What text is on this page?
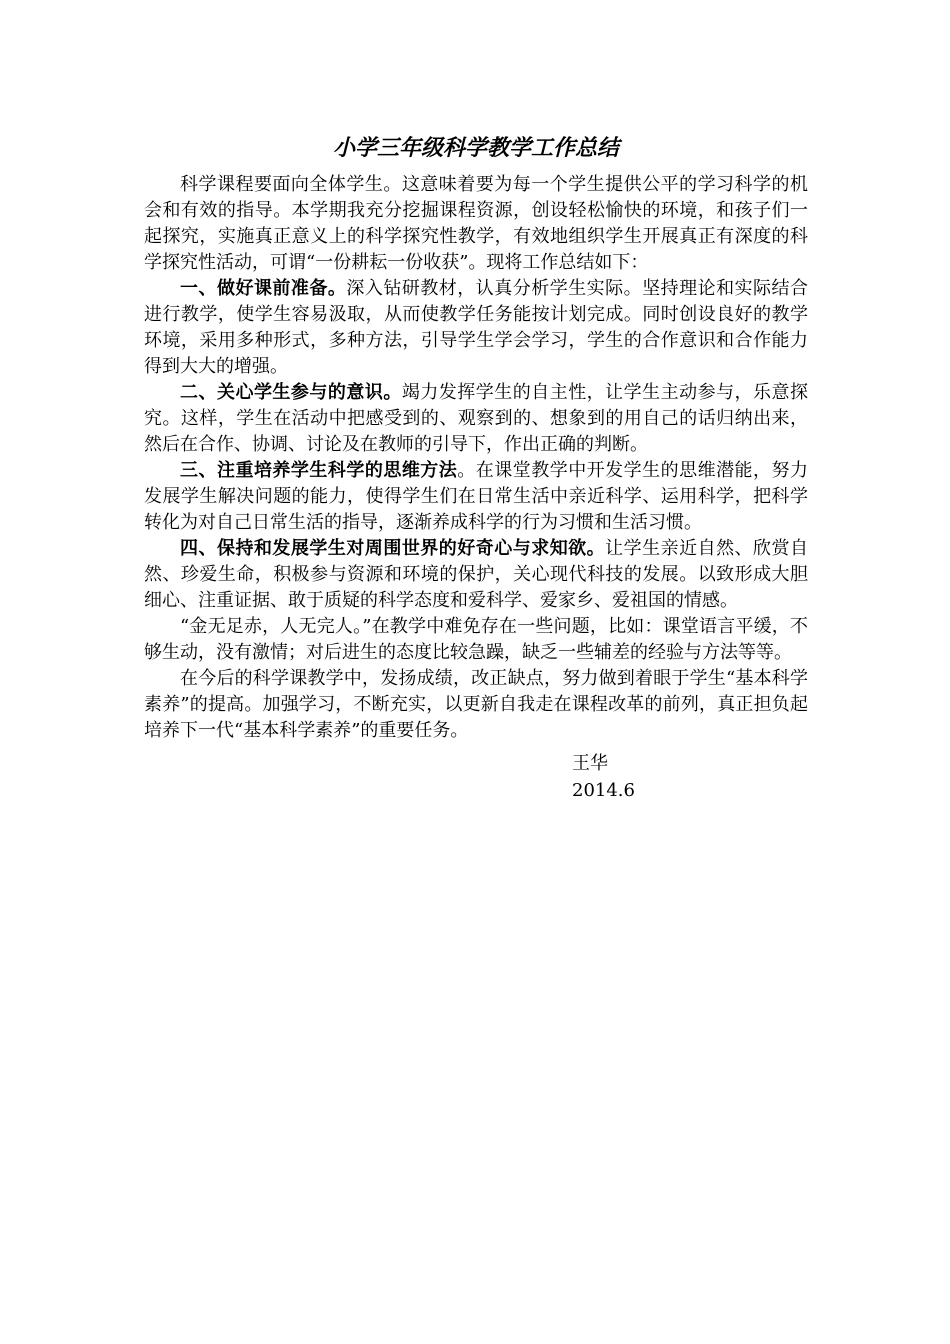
小学三年级科学教学工作总结

科学课程要面向全体学生。这意味着要为每一个学生提供公平的学习科学的机会和有效的指导。本学期我充分挖掘课程资源，创设轻松愉快的环境，和孩子们一起探究，实施真正意义上的科学探究性教学，有效地组织学生开展真正有深度的科学探究性活动，可谓“一份耕耘一份收获”。现将工作总结如下：

一、做好课前准备。深入钻研教材，认真分析学生实际。坚持理论和实际结合进行教学，使学生容易汲取，从而使教学任务能按计划完成。同时创设良好的教学环境，采用多种形式，多种方法，引导学生学会学习，学生的合作意识和合作能力得到大大的增强。

二、关心学生参与的意识。竭力发挥学生的自主性，让学生主动参与，乐意探究。这样，学生在活动中把感受到的、观察到的、想象到的用自己的话归纳出来，然后在合作、协调、讨论及在教师的引导下，作出正确的判断。

三、注重培养学生科学的思维方法。在课堂教学中开发学生的思维潜能，努力发展学生解决问题的能力，使得学生们在日常生活中亲近科学、运用科学，把科学转化为对自己日常生活的指导，逐渐养成科学的行为习惯和生活习惯。

四、保持和发展学生对周围世界的好奇心与求知欲。让学生亲近自然、欣赏自然、珍爱生命，积极参与资源和环境的保护，关心现代科技的发展。以致形成大胆细心、注重证据、敢于质疑的科学态度和爱科学、爱家乡、爱祖国的情感。

“金无足赤，人无完人。”在教学中难免存在一些问题，比如：课堂语言平缓，不够生动，没有激情；对后进生的态度比较急躁，缺乏一些辅差的经验与方法等等。

在今后的科学课教学中，发扬成绩，改正缺点，努力做到着眼于学生“基本科学素养”的提高。加强学习，不断充实，以更新自我走在课程改革的前列，真正担负起培养下一代“基本科学素养”的重要任务。

王华
2014.6
